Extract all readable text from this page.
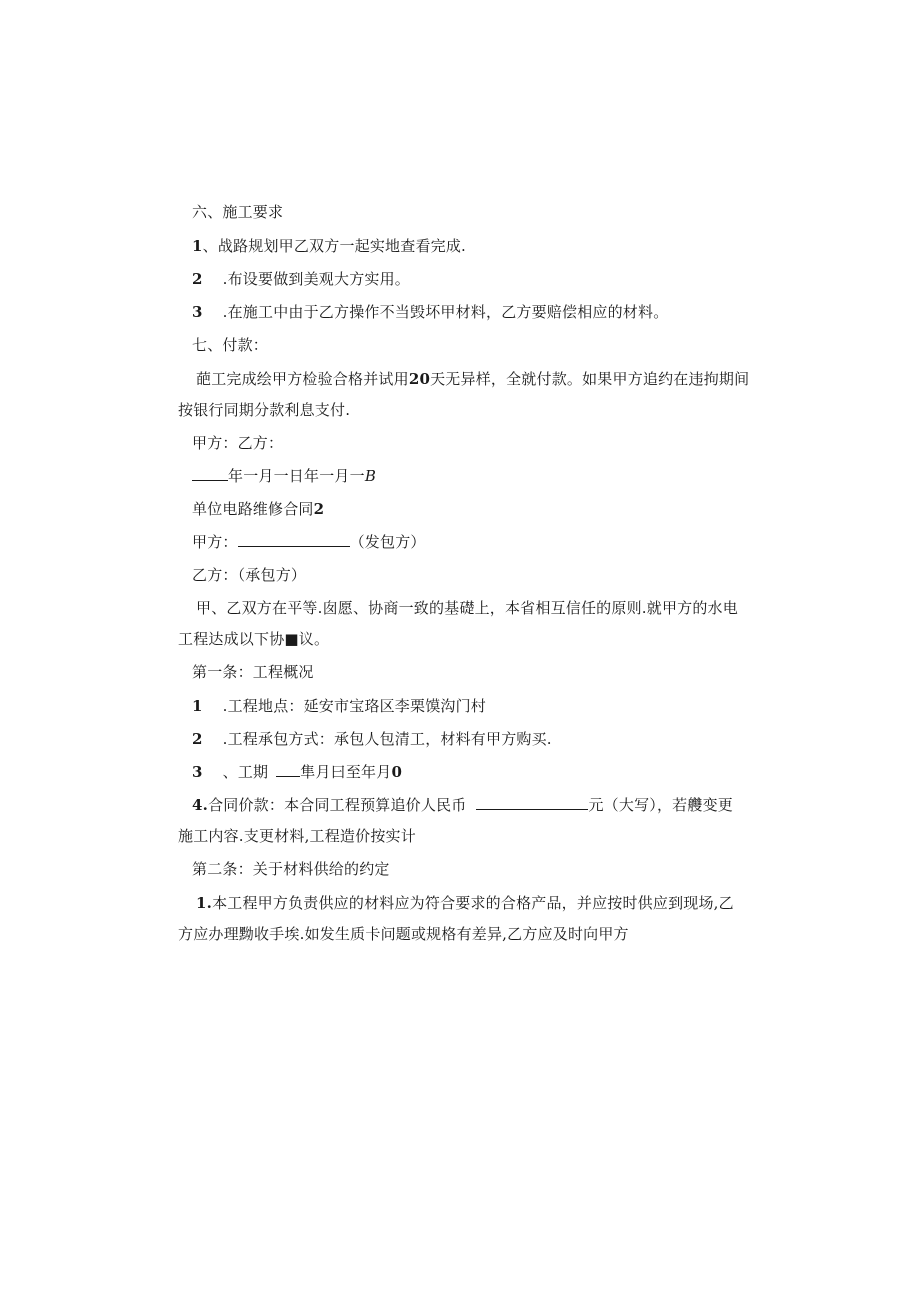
六、施工要求
1、战路规划甲乙双方一起实地查看完成.
2 .布设要做到美观大方实用。
3 .在施工中由于乙方操作不当毁坏甲材料，乙方要赔偿相应的材料。
七、付款：
葩工完成绘甲方检验合格并试用20天无异样，全就付款。如果甲方追约在违拘期间
按银行同期分款利息支付.
甲方：乙方：
年一月一日年一月一B
单位电路维修合同2
甲方：	（发包方）
乙方：（承包方）
甲、乙双方在平等.囱愿、协商一致的基礎上，本省相互信任的原则.就甲方的水电
工程达成以下协■议。
第一条：工程概况
1 .工程地点：延安市宝珞区李栗馍沟门村
2 .工程承包方式：承包人包清工，材料有甲方购买.
3 、工期 隼月曰至年月0
4.合同价款：本合同工程预算追价人民币	元（大写），若艭变更
施工内容.支更材料,工程造价按实计
第二条：关于材料供给的约定
1.本工程甲方负责供应的材料应为符合要求的合格产品，并应按时供应到现场,乙
方应办理黝收手埃.如发生质卡问题或规格有差异,乙方应及时向甲方
